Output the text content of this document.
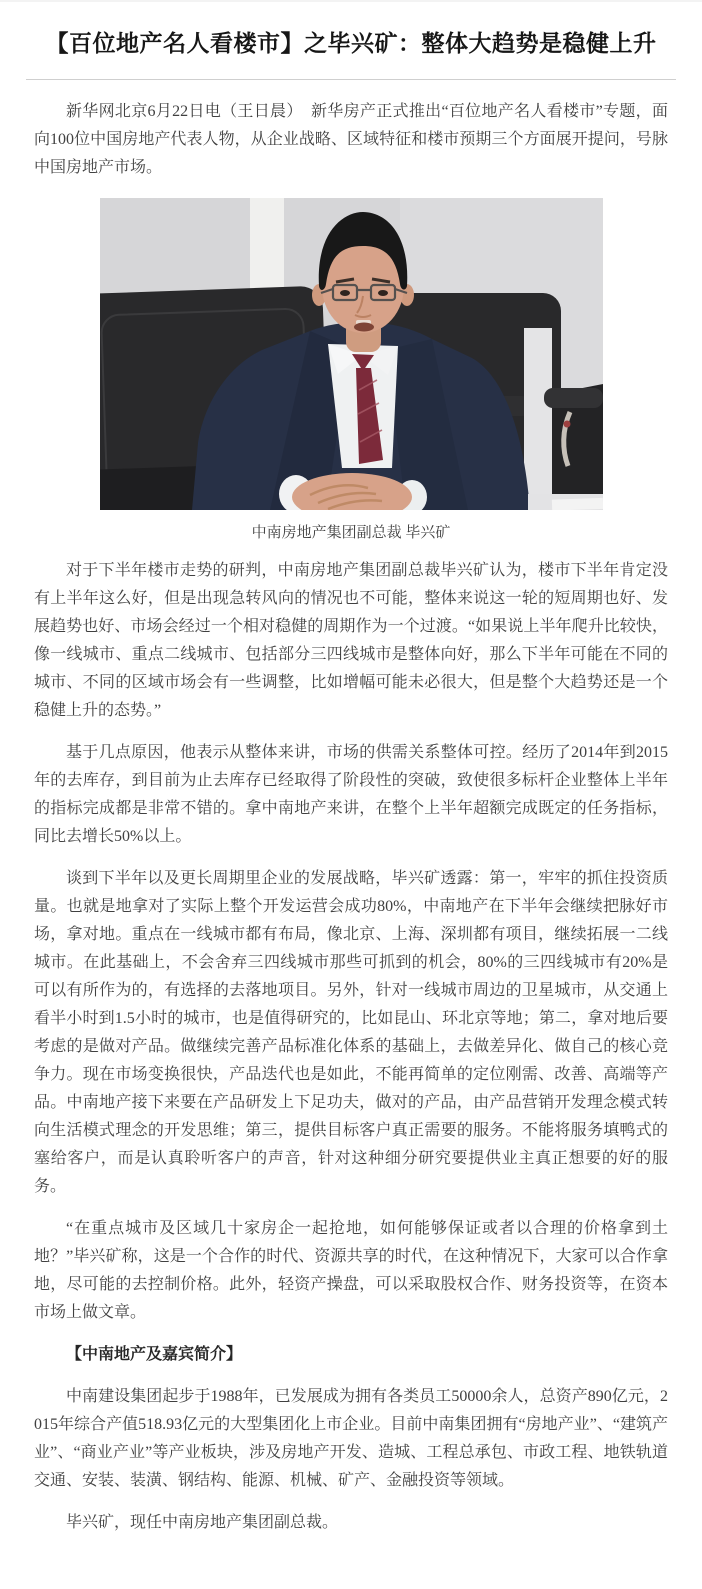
【百位地产名人看楼市】之毕兴矿：整体大趋势是稳健上升

新华网北京6月22日电（王日晨）　新华房产正式推出“百位地产名人看楼市”专题，面向100位中国房地产代表人物，从企业战略、区域特征和楼市预期三个方面展开提问，号脉中国房地产市场。

中南房地产集团副总裁 毕兴矿

对于下半年楼市走势的研判，中南房地产集团副总裁毕兴矿认为，楼市下半年肯定没有上半年这么好，但是出现急转风向的情况也不可能，整体来说这一轮的短周期也好、发展趋势也好、市场会经过一个相对稳健的周期作为一个过渡。“如果说上半年爬升比较快，像一线城市、重点二线城市、包括部分三四线城市是整体向好，那么下半年可能在不同的城市、不同的区域市场会有一些调整，比如增幅可能未必很大，但是整个大趋势还是一个稳健上升的态势。”

基于几点原因，他表示从整体来讲，市场的供需关系整体可控。经历了2014年到2015年的去库存，到目前为止去库存已经取得了阶段性的突破，致使很多标杆企业整体上半年的指标完成都是非常不错的。拿中南地产来讲，在整个上半年超额完成既定的任务指标，同比去增长50%以上。

谈到下半年以及更长周期里企业的发展战略，毕兴矿透露：第一，牢牢的抓住投资质量。也就是地拿对了实际上整个开发运营会成功80%，中南地产在下半年会继续把脉好市场，拿对地。重点在一线城市都有布局，像北京、上海、深圳都有项目，继续拓展一二线城市。在此基础上，不会舍弃三四线城市那些可抓到的机会，80%的三四线城市有20%是可以有所作为的，有选择的去落地项目。另外，针对一线城市周边的卫星城市，从交通上看半小时到1.5小时的城市，也是值得研究的，比如昆山、环北京等地；第二，拿对地后要考虑的是做对产品。做继续完善产品标准化体系的基础上，去做差异化、做自己的核心竞争力。现在市场变换很快，产品迭代也是如此，不能再简单的定位刚需、改善、高端等产品。中南地产接下来要在产品研发上下足功夫，做对的产品，由产品营销开发理念模式转向生活模式理念的开发思维；第三，提供目标客户真正需要的服务。不能将服务填鸭式的塞给客户，而是认真聆听客户的声音，针对这种细分研究要提供业主真正想要的好的服务。

“在重点城市及区域几十家房企一起抢地，如何能够保证或者以合理的价格拿到土地？”毕兴矿称，这是一个合作的时代、资源共享的时代，在这种情况下，大家可以合作拿地，尽可能的去控制价格。此外，轻资产操盘，可以采取股权合作、财务投资等，在资本市场上做文章。

【中南地产及嘉宾简介】

中南建设集团起步于1988年，已发展成为拥有各类员工50000余人，总资产890亿元，2015年综合产值518.93亿元的大型集团化上市企业。目前中南集团拥有“房地产业”、“建筑产业”、“商业产业”等产业板块，涉及房地产开发、造城、工程总承包、市政工程、地铁轨道交通、安装、装潢、钢结构、能源、机械、矿产、金融投资等领域。

毕兴矿，现任中南房地产集团副总裁。
